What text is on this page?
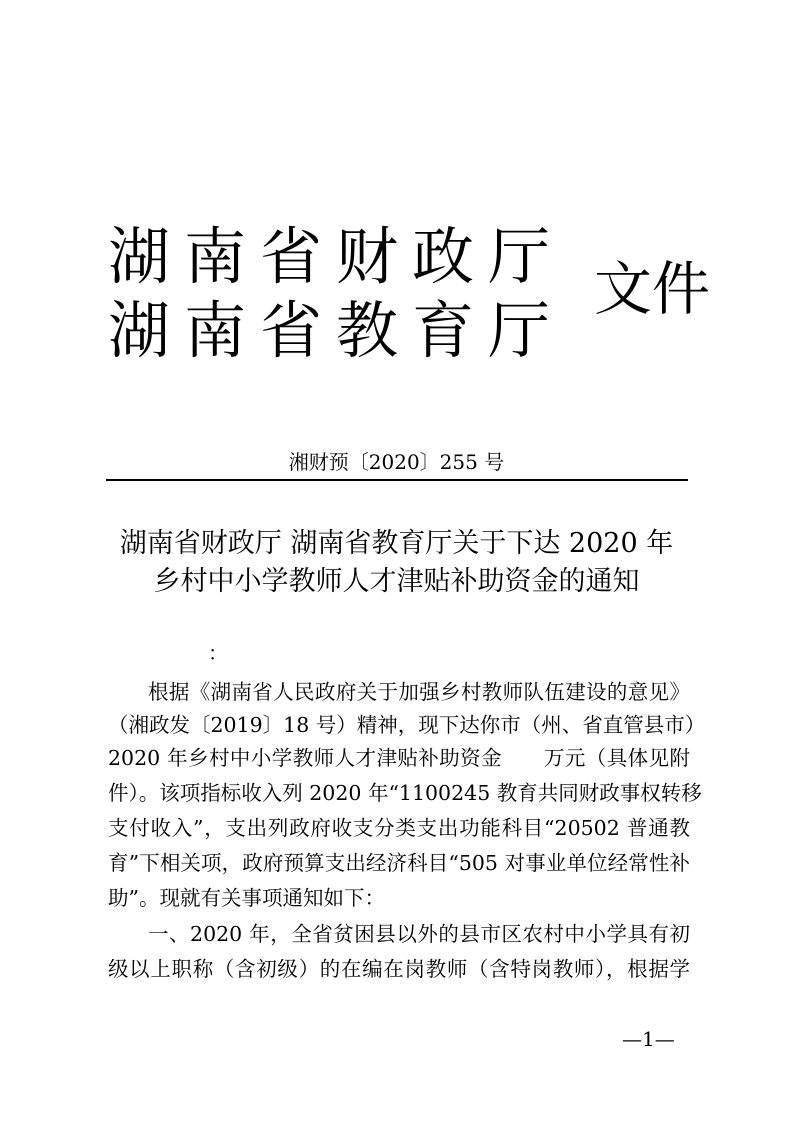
湖南省财政厅
湖南省教育厅
文件
湘财预〔2020〕255 号
湖南省财政厅 湖南省教育厅关于下达 2020 年
乡村中小学教师人才津贴补助资金的通知
：
根据《湖南省人民政府关于加强乡村教师队伍建设的意见》
（湘政发〔2019〕18 号）精神，现下达你市（州、省直管县市）
2020 年乡村中小学教师人才津贴补助资金　　万元（具体见附
件）。该项指标收入列 2020 年“1100245 教育共同财政事权转移
支付收入”，支出列政府收支分类支出功能科目“20502 普通教
育”下相关项，政府预算支出经济科目“505 对事业单位经常性补
助”。现就有关事项通知如下：
一、2020 年，全省贫困县以外的县市区农村中小学具有初
级以上职称（含初级）的在编在岗教师（含特岗教师），根据学
—1—
